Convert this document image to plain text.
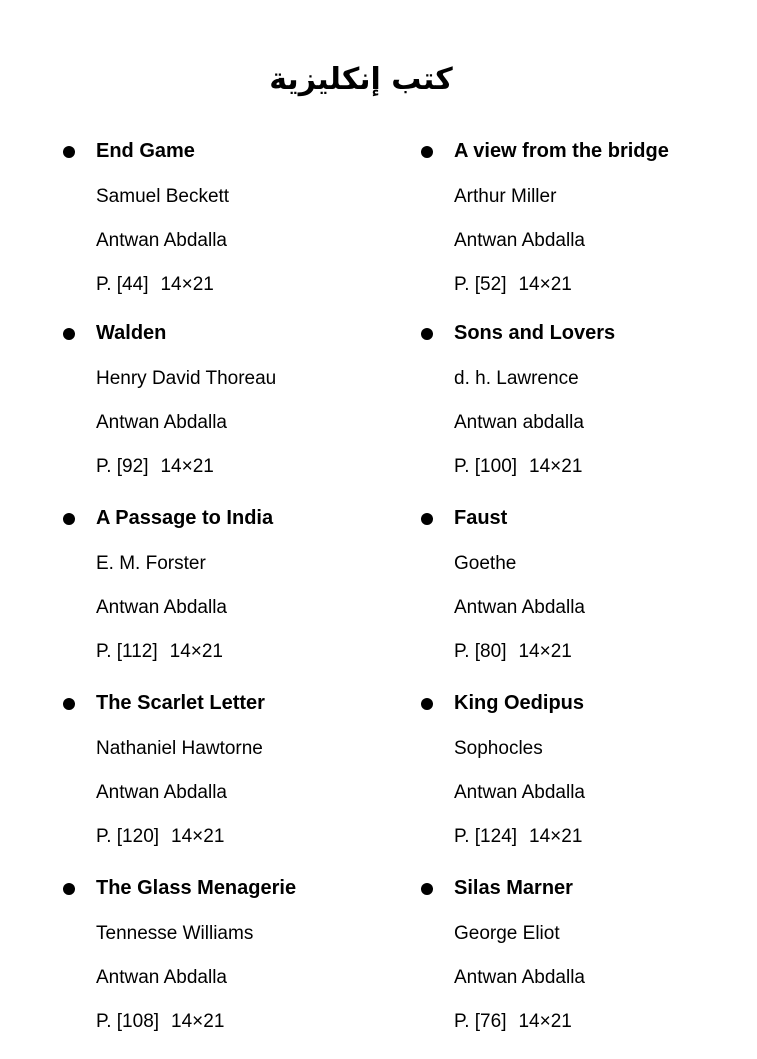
كتب إنكليزية
End Game
Samuel Beckett
Antwan Abdalla
P. [44] 14×21
Walden
Henry David Thoreau
Antwan Abdalla
P. [92] 14×21
A Passage to India
E. M. Forster
Antwan Abdalla
P. [112] 14×21
The Scarlet Letter
Nathaniel Hawtorne
Antwan Abdalla
P. [120] 14×21
The Glass Menagerie
Tennesse Williams
Antwan Abdalla
P. [108] 14×21
A view from the bridge
Arthur Miller
Antwan Abdalla
P. [52] 14×21
Sons and Lovers
d. h. Lawrence
Antwan abdalla
P. [100] 14×21
Faust
Goethe
Antwan Abdalla
P. [80] 14×21
King Oedipus
Sophocles
Antwan Abdalla
P. [124] 14×21
Silas Marner
George Eliot
Antwan Abdalla
P. [76] 14×21
